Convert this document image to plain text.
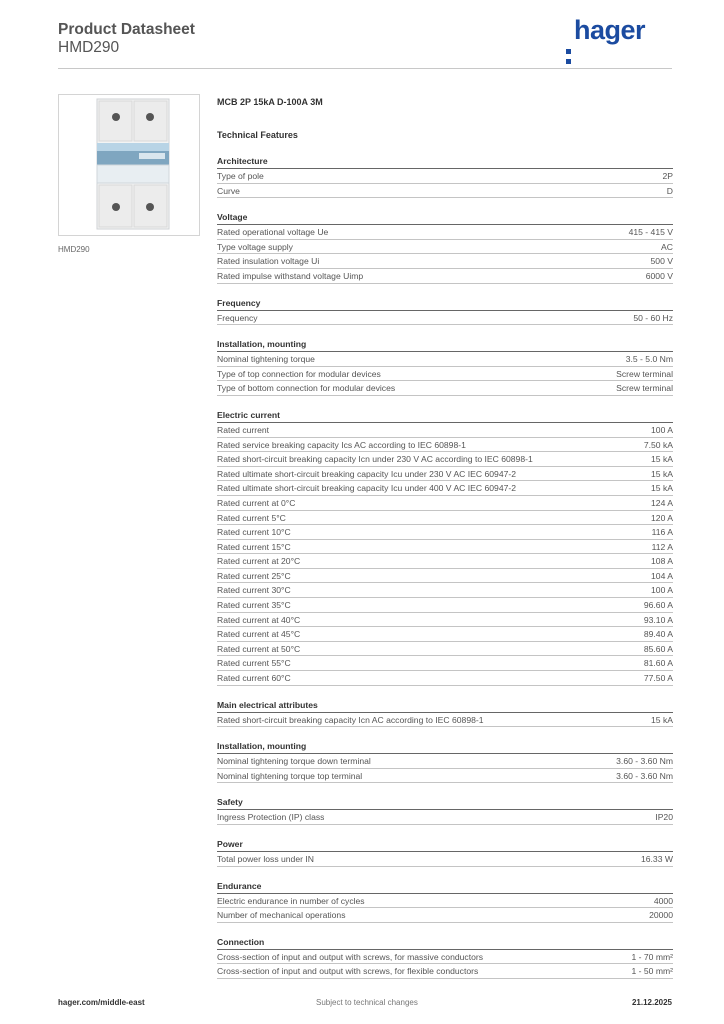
Product Datasheet
HMD290
hager
HMD290
MCB 2P 15kA D-100A 3M
Technical Features
Architecture
Type of pole	2P
Curve	D
Voltage
Rated operational voltage Ue	415 - 415 V
Type voltage supply	AC
Rated insulation voltage Ui	500 V
Rated impulse withstand voltage Uimp	6000 V
Frequency
Frequency	50 - 60 Hz
Installation, mounting
Nominal tightening torque	3.5 - 5.0 Nm
Type of top connection for modular devices	Screw terminal
Type of bottom connection for modular devices	Screw terminal
Electric current
Rated current	100 A
Rated service breaking capacity Ics AC according to IEC 60898-1	7.50 kA
Rated short-circuit breaking capacity Icn under 230 V AC according to IEC 60898-1	15 kA
Rated ultimate short-circuit breaking capacity Icu under 230 V AC IEC 60947-2	15 kA
Rated ultimate short-circuit breaking capacity Icu under 400 V AC IEC 60947-2	15 kA
Rated current at 0°C	124 A
Rated current 5°C	120 A
Rated current 10°C	116 A
Rated current 15°C	112 A
Rated current at 20°C	108 A
Rated current 25°C	104 A
Rated current 30°C	100 A
Rated current 35°C	96.60 A
Rated current at 40°C	93.10 A
Rated current at 45°C	89.40 A
Rated current at 50°C	85.60 A
Rated current 55°C	81.60 A
Rated current 60°C	77.50 A
Main electrical attributes
Rated short-circuit breaking capacity Icn AC according to IEC 60898-1	15 kA
Installation, mounting
Nominal tightening torque down terminal	3.60 - 3.60 Nm
Nominal tightening torque top terminal	3.60 - 3.60 Nm
Safety
Ingress Protection (IP) class	IP20
Power
Total power loss under IN	16.33 W
Endurance
Electric endurance in number of cycles	4000
Number of mechanical operations	20000
Connection
Cross-section of input and output with screws, for massive conductors	1 - 70 mm²
Cross-section of input and output with screws, for flexible conductors	1 - 50 mm²
hager.com/middle-east	Subject to technical changes	21.12.2025
